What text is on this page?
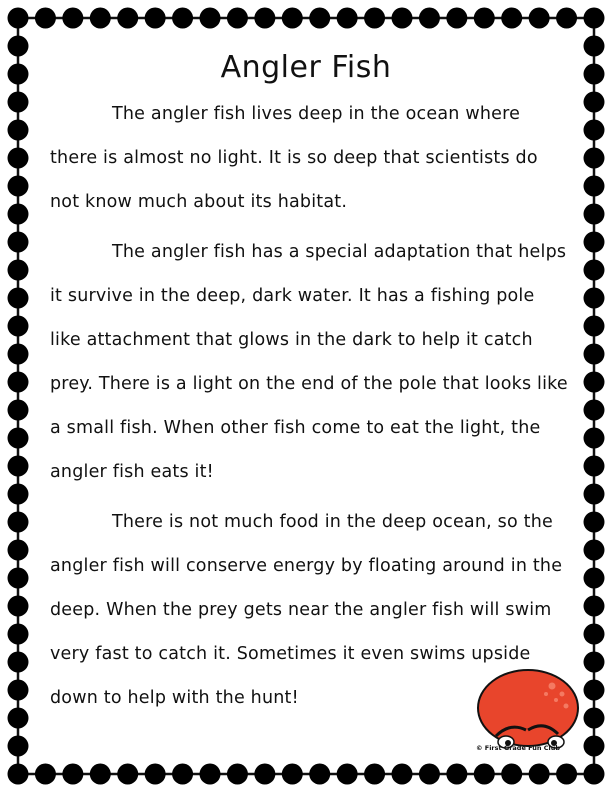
Angler Fish

The angler fish lives deep in the ocean where there is almost no light. It is so deep that scientists do not know much about its habitat.

The angler fish has a special adaptation that helps it survive in the deep, dark water. It has a fishing pole like attachment that glows in the dark to help it catch prey. There is a light on the end of the pole that looks like a small fish. When other fish come to eat the light, the angler fish eats it!

There is not much food in the deep ocean, so the angler fish will conserve energy by floating around in the deep. When the prey gets near the angler fish will swim very fast to catch it. Sometimes it even swims upside down to help with the hunt!

© First Grade Fun Club
